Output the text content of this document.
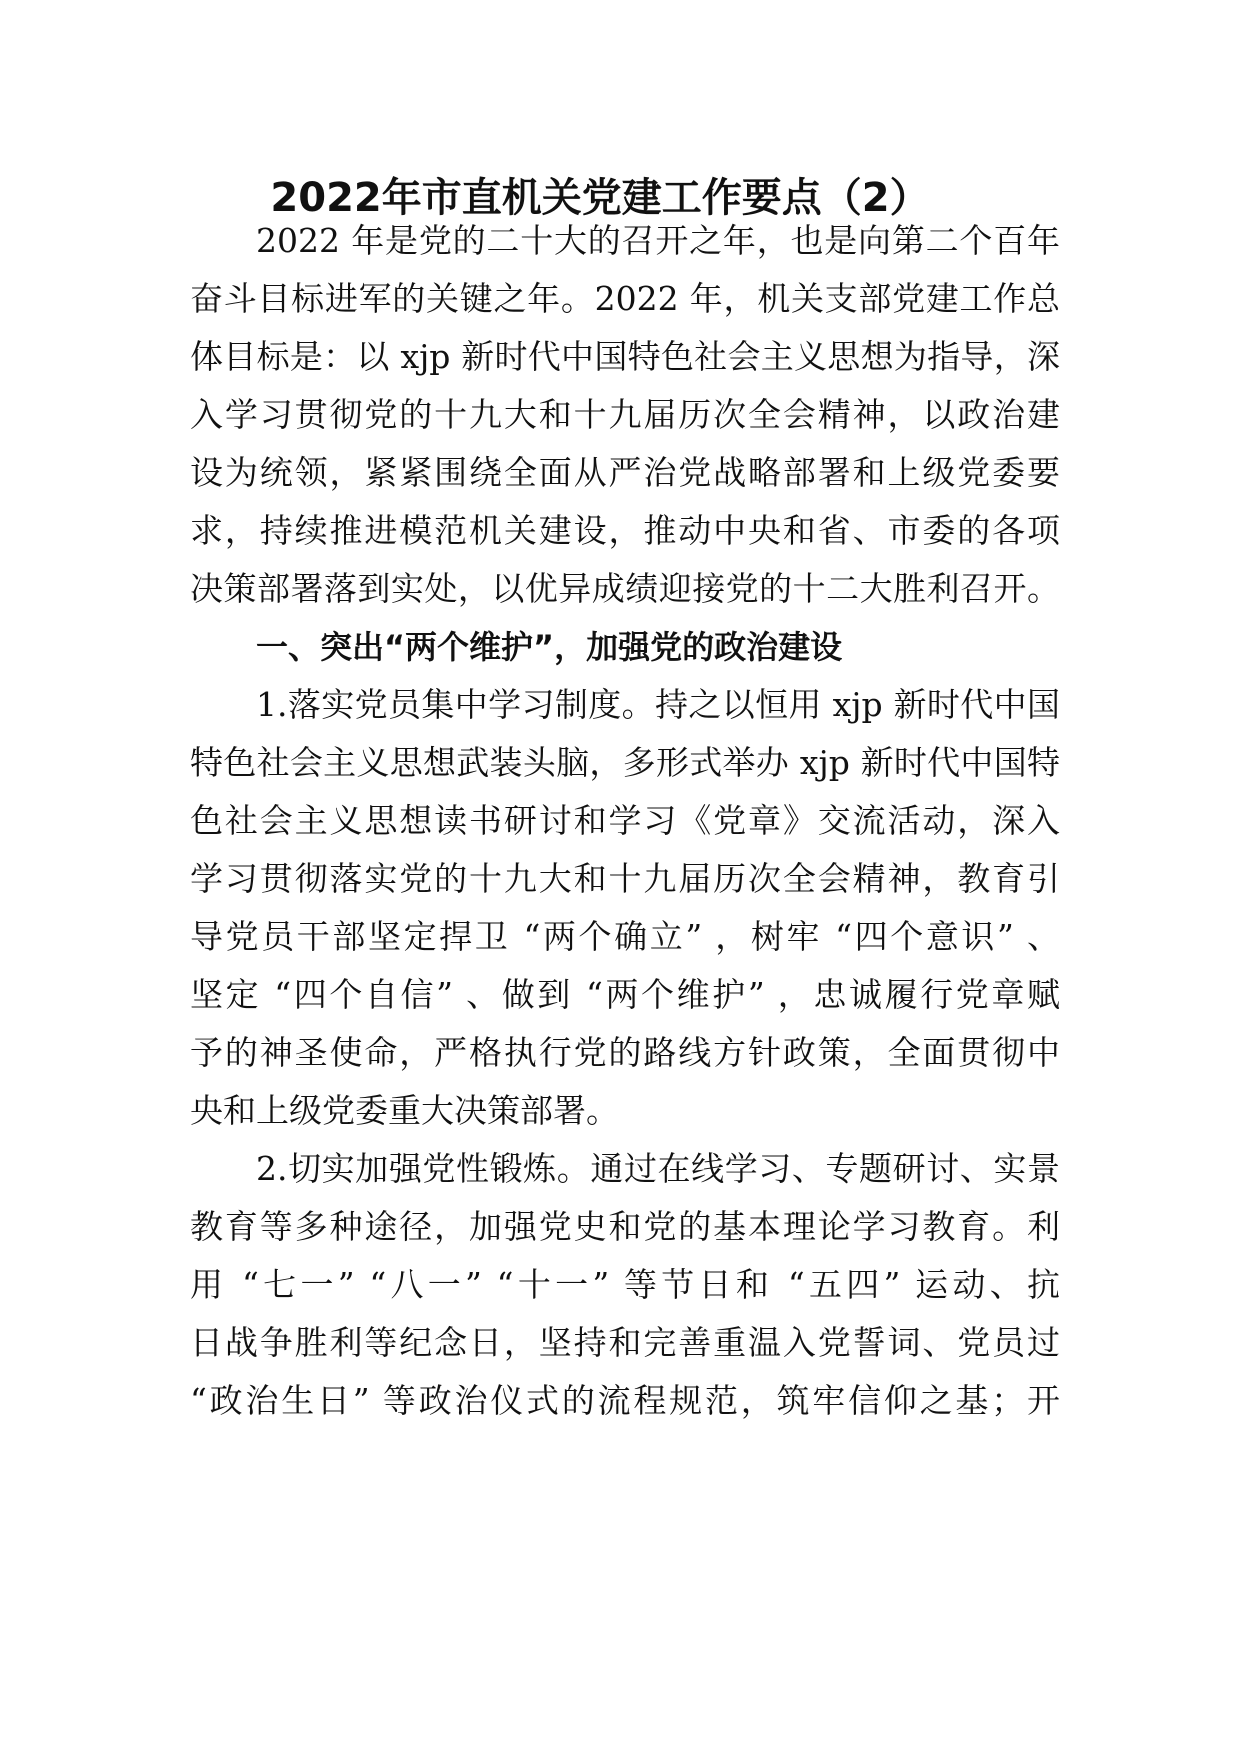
2022年市直机关党建工作要点（2）
2022 年是党的二十大的召开之年，也是向第二个百年
奋斗目标进军的关键之年。2022 年，机关支部党建工作总
体目标是：以 xjp 新时代中国特色社会主义思想为指导，深
入学习贯彻党的十九大和十九届历次全会精神，以政治建
设为统领，紧紧围绕全面从严治党战略部署和上级党委要
求，持续推进模范机关建设，推动中央和省、市委的各项
决策部署落到实处，以优异成绩迎接党的十二大胜利召开。
一、突出“两个维护”，加强党的政治建设
1.落实党员集中学习制度。持之以恒用 xjp 新时代中国
特色社会主义思想武装头脑，多形式举办 xjp 新时代中国特
色社会主义思想读书研讨和学习《党章》交流活动，深入
学习贯彻落实党的十九大和十九届历次全会精神，教育引
导党员干部坚定捍卫 “两个确立” ，树牢 “四个意识” 、
坚定 “四个自信” 、做到 “两个维护” ，忠诚履行党章赋
予的神圣使命，严格执行党的路线方针政策，全面贯彻中
央和上级党委重大决策部署。
2.切实加强党性锻炼。通过在线学习、专题研讨、实景
教育等多种途径，加强党史和党的基本理论学习教育。利
用 “七一” “八一” “十一” 等节日和 “五四” 运动、抗
日战争胜利等纪念日，坚持和完善重温入党誓词、党员过
“政治生日” 等政治仪式的流程规范，筑牢信仰之基；开
